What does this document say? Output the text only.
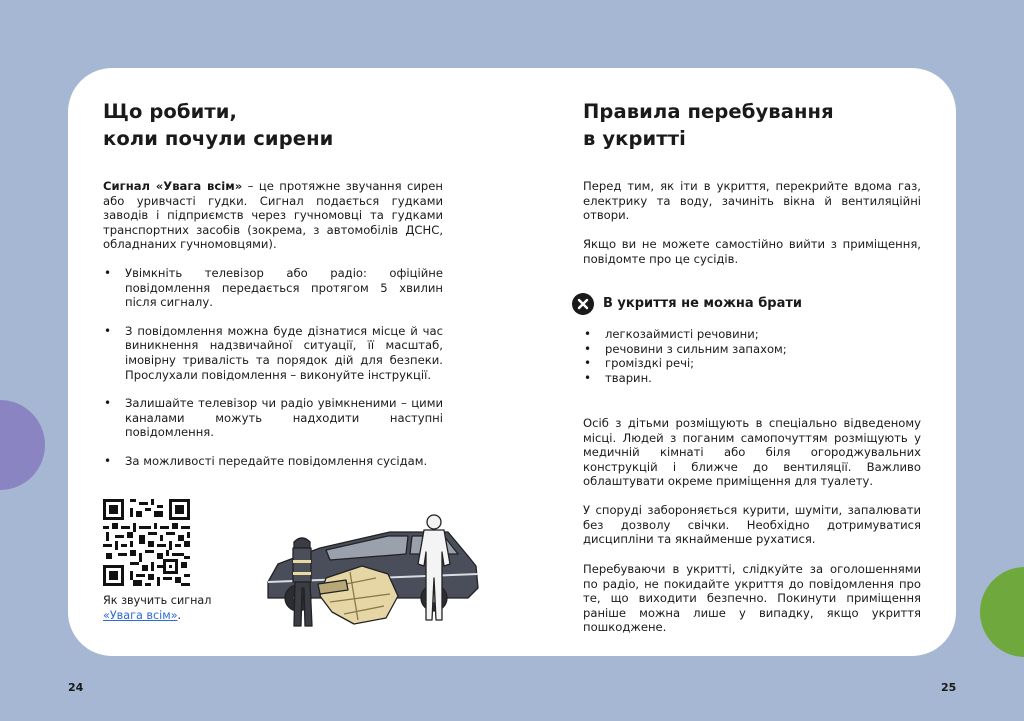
Що робити,
коли почули сирени

Сигнал «Увага всім» – це протяжне звучання сирен або уривчасті гудки. Сигнал подається гудками заводів і підприємств через гучномовці та гудками транспортних засобів (зокрема, з автомобілів ДСНС, обладнаних гучномовцями).

• Увімкніть телевізор або радіо: офіційне повідомлення передається протягом 5 хвилин після сигналу.
• З повідомлення можна буде дізнатися місце й час виникнення надзвичайної ситуації, її масштаб, імовірну тривалість та порядок дій для безпеки. Прослухали повідомлення – виконуйте інструкції.
• Залишайте телевізор чи радіо увімкненими – цими каналами можуть надходити наступні повідомлення.
• За можливості передайте повідомлення сусідам.
Як звучить сигнал
«Увага всім».
Правила перебування
в укритті

Перед тим, як іти в укриття, перекрийте вдома газ, електрику та воду, зачиніть вікна й вентиляційні отвори.

Якщо ви не можете самостійно вийти з приміщення, повідомте про це сусідів.

В укриття не можна брати
• легкозаймисті речовини;
• речовини з сильним запахом;
• громіздкі речі;
• тварин.

Осіб з дітьми розміщують в спеціально відведеному місці. Людей з поганим самопочуттям розміщують у медичній кімнаті або біля огороджувальних конструкцій і ближче до вентиляції. Важливо облаштувати окреме приміщення для туалету.

У споруді забороняється курити, шуміти, запалювати без дозволу свічки. Необхідно дотримуватися дисципліни та якнайменше рухатися.

Перебуваючи в укритті, слідкуйте за оголошеннями по радіо, не покидайте укриття до повідомлення про те, що виходити безпечно. Покинути приміщення раніше можна лише у випадку, якщо укриття пошкоджене.

24	25
